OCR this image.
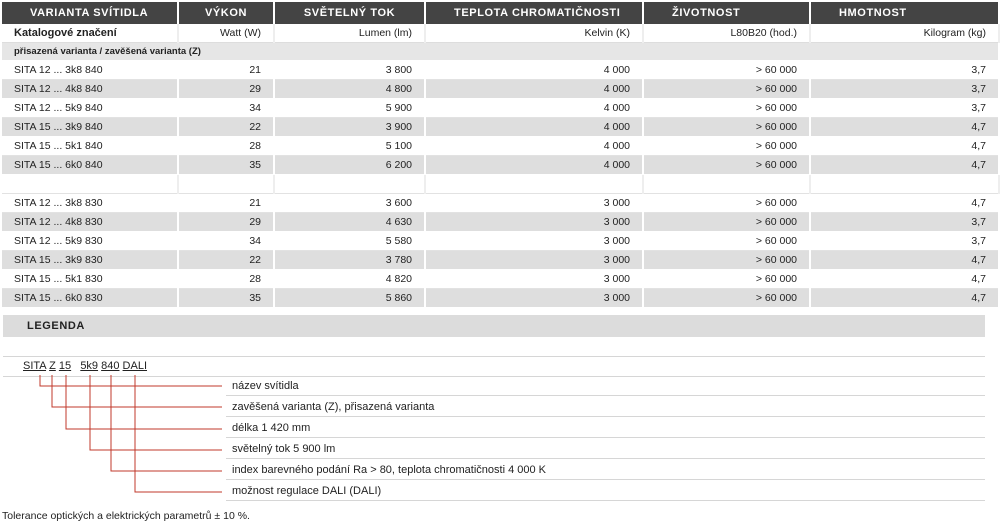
VARIANTA SVÍTIDLA	VÝKON	SVĚTELNÝ TOK	TEPLOTA CHROMATIČNOSTI	ŽIVOTNOST	HMOTNOST
Katalogové značení	Watt (W)	Lumen (lm)	Kelvin (K)	L80B20 (hod.)	Kilogram (kg)
přisazená varianta / zavěšená varianta (Z)					
SITA 12 ... 3k8 840	21	3 800	4 000	> 60 000	3,7
SITA 12 ... 4k8 840	29	4 800	4 000	> 60 000	3,7
SITA 12 ... 5k9 840	34	5 900	4 000	> 60 000	3,7
SITA 15 ... 3k9 840	22	3 900	4 000	> 60 000	4,7
SITA 15 ... 5k1 840	28	5 100	4 000	> 60 000	4,7
SITA 15 ... 6k0 840	35	6 200	4 000	> 60 000	4,7

SITA 12 ... 3k8 830	21	3 600	3 000	> 60 000	4,7
SITA 12 ... 4k8 830	29	4 630	3 000	> 60 000	3,7
SITA 12 ... 5k9 830	34	5 580	3 000	> 60 000	3,7
SITA 15 ... 3k9 830	22	3 780	3 000	> 60 000	4,7
SITA 15 ... 5k1 830	28	4 820	3 000	> 60 000	4,7
SITA 15 ... 6k0 830	35	5 860	3 000	> 60 000	4,7
LEGENDA
SITA Z 15 5k9 840 DALI
název svítidla
zavěšená varianta (Z), přisazená varianta
délka 1 420 mm
světelný tok 5 900 lm
index barevného podání Ra > 80, teplota chromatičnosti 4 000 K
možnost regulace DALI (DALI)
Tolerance optických a elektrických parametrů ± 10 %.
